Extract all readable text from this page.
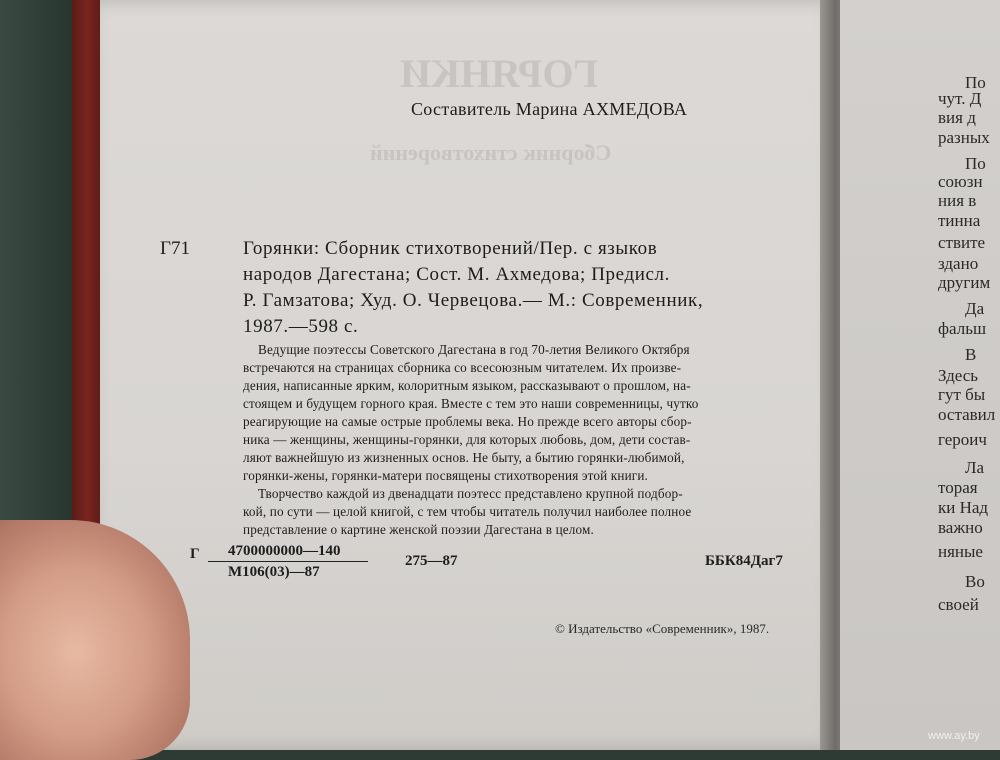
ГОРЯНКИ
Сборник стихотворений
По
чут. Д
вия д
разных
По
союзн
ния в
тинна
ствите
здано
другим
Да
фальш
В
Здесь
гут бы
оставил
героич
Ла
торая
ки Над
важно
няные
Во
своей
Составитель Марина АХМЕДОВА
Г71	Горянки: Сборник стихотворений/Пер. с языков
народов Дагестана; Сост. М. Ахмедова; Предисл.
Р. Гамзатова; Худ. О. Червецова.— М.: Современник,
1987.—598 с.
Ведущие поэтессы Советского Дагестана в год 70-летия Великого Октября
встречаются на страницах сборника со всесоюзным читателем. Их произве-
дения, написанные ярким, колоритным языком, рассказывают о прошлом, на-
стоящем и будущем горного края. Вместе с тем это наши современницы, чутко
реагирующие на самые острые проблемы века. Но прежде всего авторы сбор-
ника — женщины, женщины-горянки, для которых любовь, дом, дети состав-
ляют важнейшую из жизненных основ. Не быту, а бытию горянки-любимой,
горянки-жены, горянки-матери посвящены стихотворения этой книги.
Творчество каждой из двенадцати поэтесс представлено крупной подбор-
кой, по сути — целой книгой, с тем чтобы читатель получил наиболее полное
представление о картине женской поэзии Дагестана в целом.
Г 4700000000—140
М106(03)—87
275—87	ББК84Даг7
© Издательство «Современник», 1987.
www.ay.by
